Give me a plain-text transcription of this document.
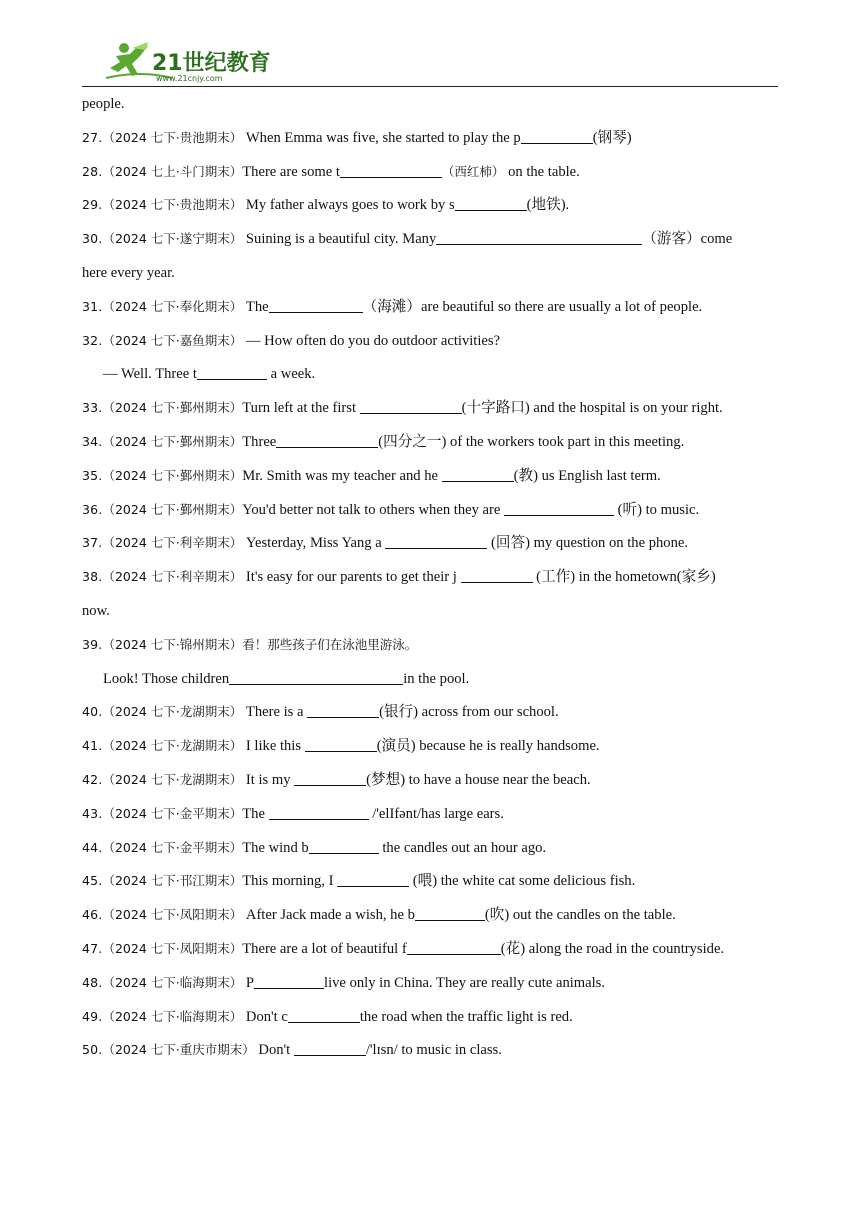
21世纪教育
www.21cnjy.com
people.
27.（2024 七下·贵池期末） When Emma was five, she started to play the p	(钢琴)
28.（2024 七上·斗门期末）There are some t	（西红柿） on the table.
29.（2024 七下·贵池期末） My father always goes to work by s	(地铁).
30.（2024 七下·遂宁期末） Suining is a beautiful city. Many	（游客）come
here every year.
31.（2024 七下·奉化期末） The	（海滩）are beautiful so there are usually a lot of people.
32.（2024 七下·嘉鱼期末） — How often do you do outdoor activities?
— Well. Three t	a week.
33.（2024 七下·鄞州期末）Turn left at the first	(十字路口) and the hospital is on your right.
34.（2024 七下·鄞州期末）Three	(四分之一) of the workers took part in this meeting.
35.（2024 七下·鄞州期末）Mr. Smith was my teacher and he	(教) us English last term.
36.（2024 七下·鄞州期末）You'd better not talk to others when they are	(听) to music.
37.（2024 七下·利辛期末） Yesterday, Miss Yang a	(回答) my question on the phone.
38.（2024 七下·利辛期末） It's easy for our parents to get their j	(工作) in the hometown(家乡)
now.
39.（2024 七下·锦州期末）看！那些孩子们在泳池里游泳。
Look! Those children	in the pool.
40.（2024 七下·龙湖期末） There is a	(银行) across from our school.
41.（2024 七下·龙湖期末） I like this	(演员) because he is really handsome.
42.（2024 七下·龙湖期末） It is my	(梦想) to have a house near the beach.
43.（2024 七下·金平期末）The	/'elIfənt/has large ears.
44.（2024 七下·金平期末）The wind b	the candles out an hour ago.
45.（2024 七下·邗江期末）This morning, I	(喂) the white cat some delicious fish.
46.（2024 七下·凤阳期末） After Jack made a wish, he b	(吹) out the candles on the table.
47.（2024 七下·凤阳期末）There are a lot of beautiful f	(花) along the road in the countryside.
48.（2024 七下·临海期末） P	live only in China. They are really cute animals.
49.（2024 七下·临海期末） Don't c	the road when the traffic light is red.
50.（2024 七下·重庆市期末） Don't	/'lɪsn/ to music in class.
